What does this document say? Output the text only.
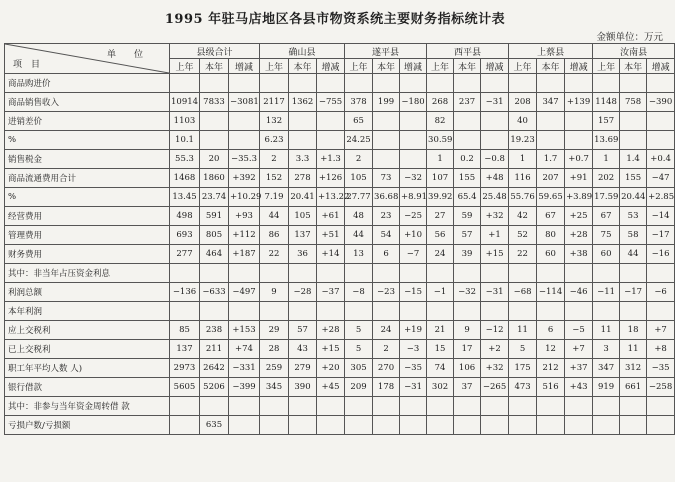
1995 年驻马店地区各县市物资系统主要财务指标统计表
金额单位：万元
单　　位
项　目	县级合计			确山县			遂平县			西平县			上蔡县			汝南县		
	上年	本年	增减	上年	本年	增减	上年	本年	增减	上年	本年	增减	上年	本年	增减	上年	本年	增减
商品购进价																		
商品销售收入	10914	7833	−3081	2117	1362	−755	378	199	−180	268	237	−31	208	347	+139	1148	758	−390
进销差价	1103			132			65			82			40			157		
%	10.1			6.23			24.25			30.59			19.23			13.69		
销售税金	55.3	20	−35.3	2	3.3	+1.3	2			1	0.2	−0.8	1	1.7	+0.7	1	1.4	+0.4
商品流通费用合计	1468	1860	+392	152	278	+126	105	73	−32	107	155	+48	116	207	+91	202	155	−47
%	13.45	23.74	+10.29	7.19	20.41	+13.22	27.77	36.68	+8.91	39.92	65.4	25.48	55.76	59.65	+3.89	17.59	20.44	+2.85
经营费用	498	591	+93	44	105	+61	48	23	−25	27	59	+32	42	67	+25	67	53	−14
管理费用	693	805	+112	86	137	+51	44	54	+10	56	57	+1	52	80	+28	75	58	−17
财务费用	277	464	+187	22	36	+14	13	6	−7	24	39	+15	22	60	+38	60	44	−16
其中：非当年占压资金利息																		
利润总额	−136	−633	−497	9	−28	−37	−8	−23	−15	−1	−32	−31	−68	−114	−46	−11	−17	−6
本年利润																		
应上交税利	85	238	+153	29	57	+28	5	24	+19	21	9	−12	11	6	−5	11	18	+7
已上交税利	137	211	+74	28	43	+15	5	2	−3	15	17	+2	5	12	+7	3	11	+8
职工年平均人数 人)	2973	2642	−331	259	279	+20	305	270	−35	74	106	+32	175	212	+37	347	312	−35
银行借款	5605	5206	−399	345	390	+45	209	178	−31	302	37	−265	473	516	+43	919	661	−258
其中：非参与当年资金周转借 款																		
亏损户数/亏损额		635																
